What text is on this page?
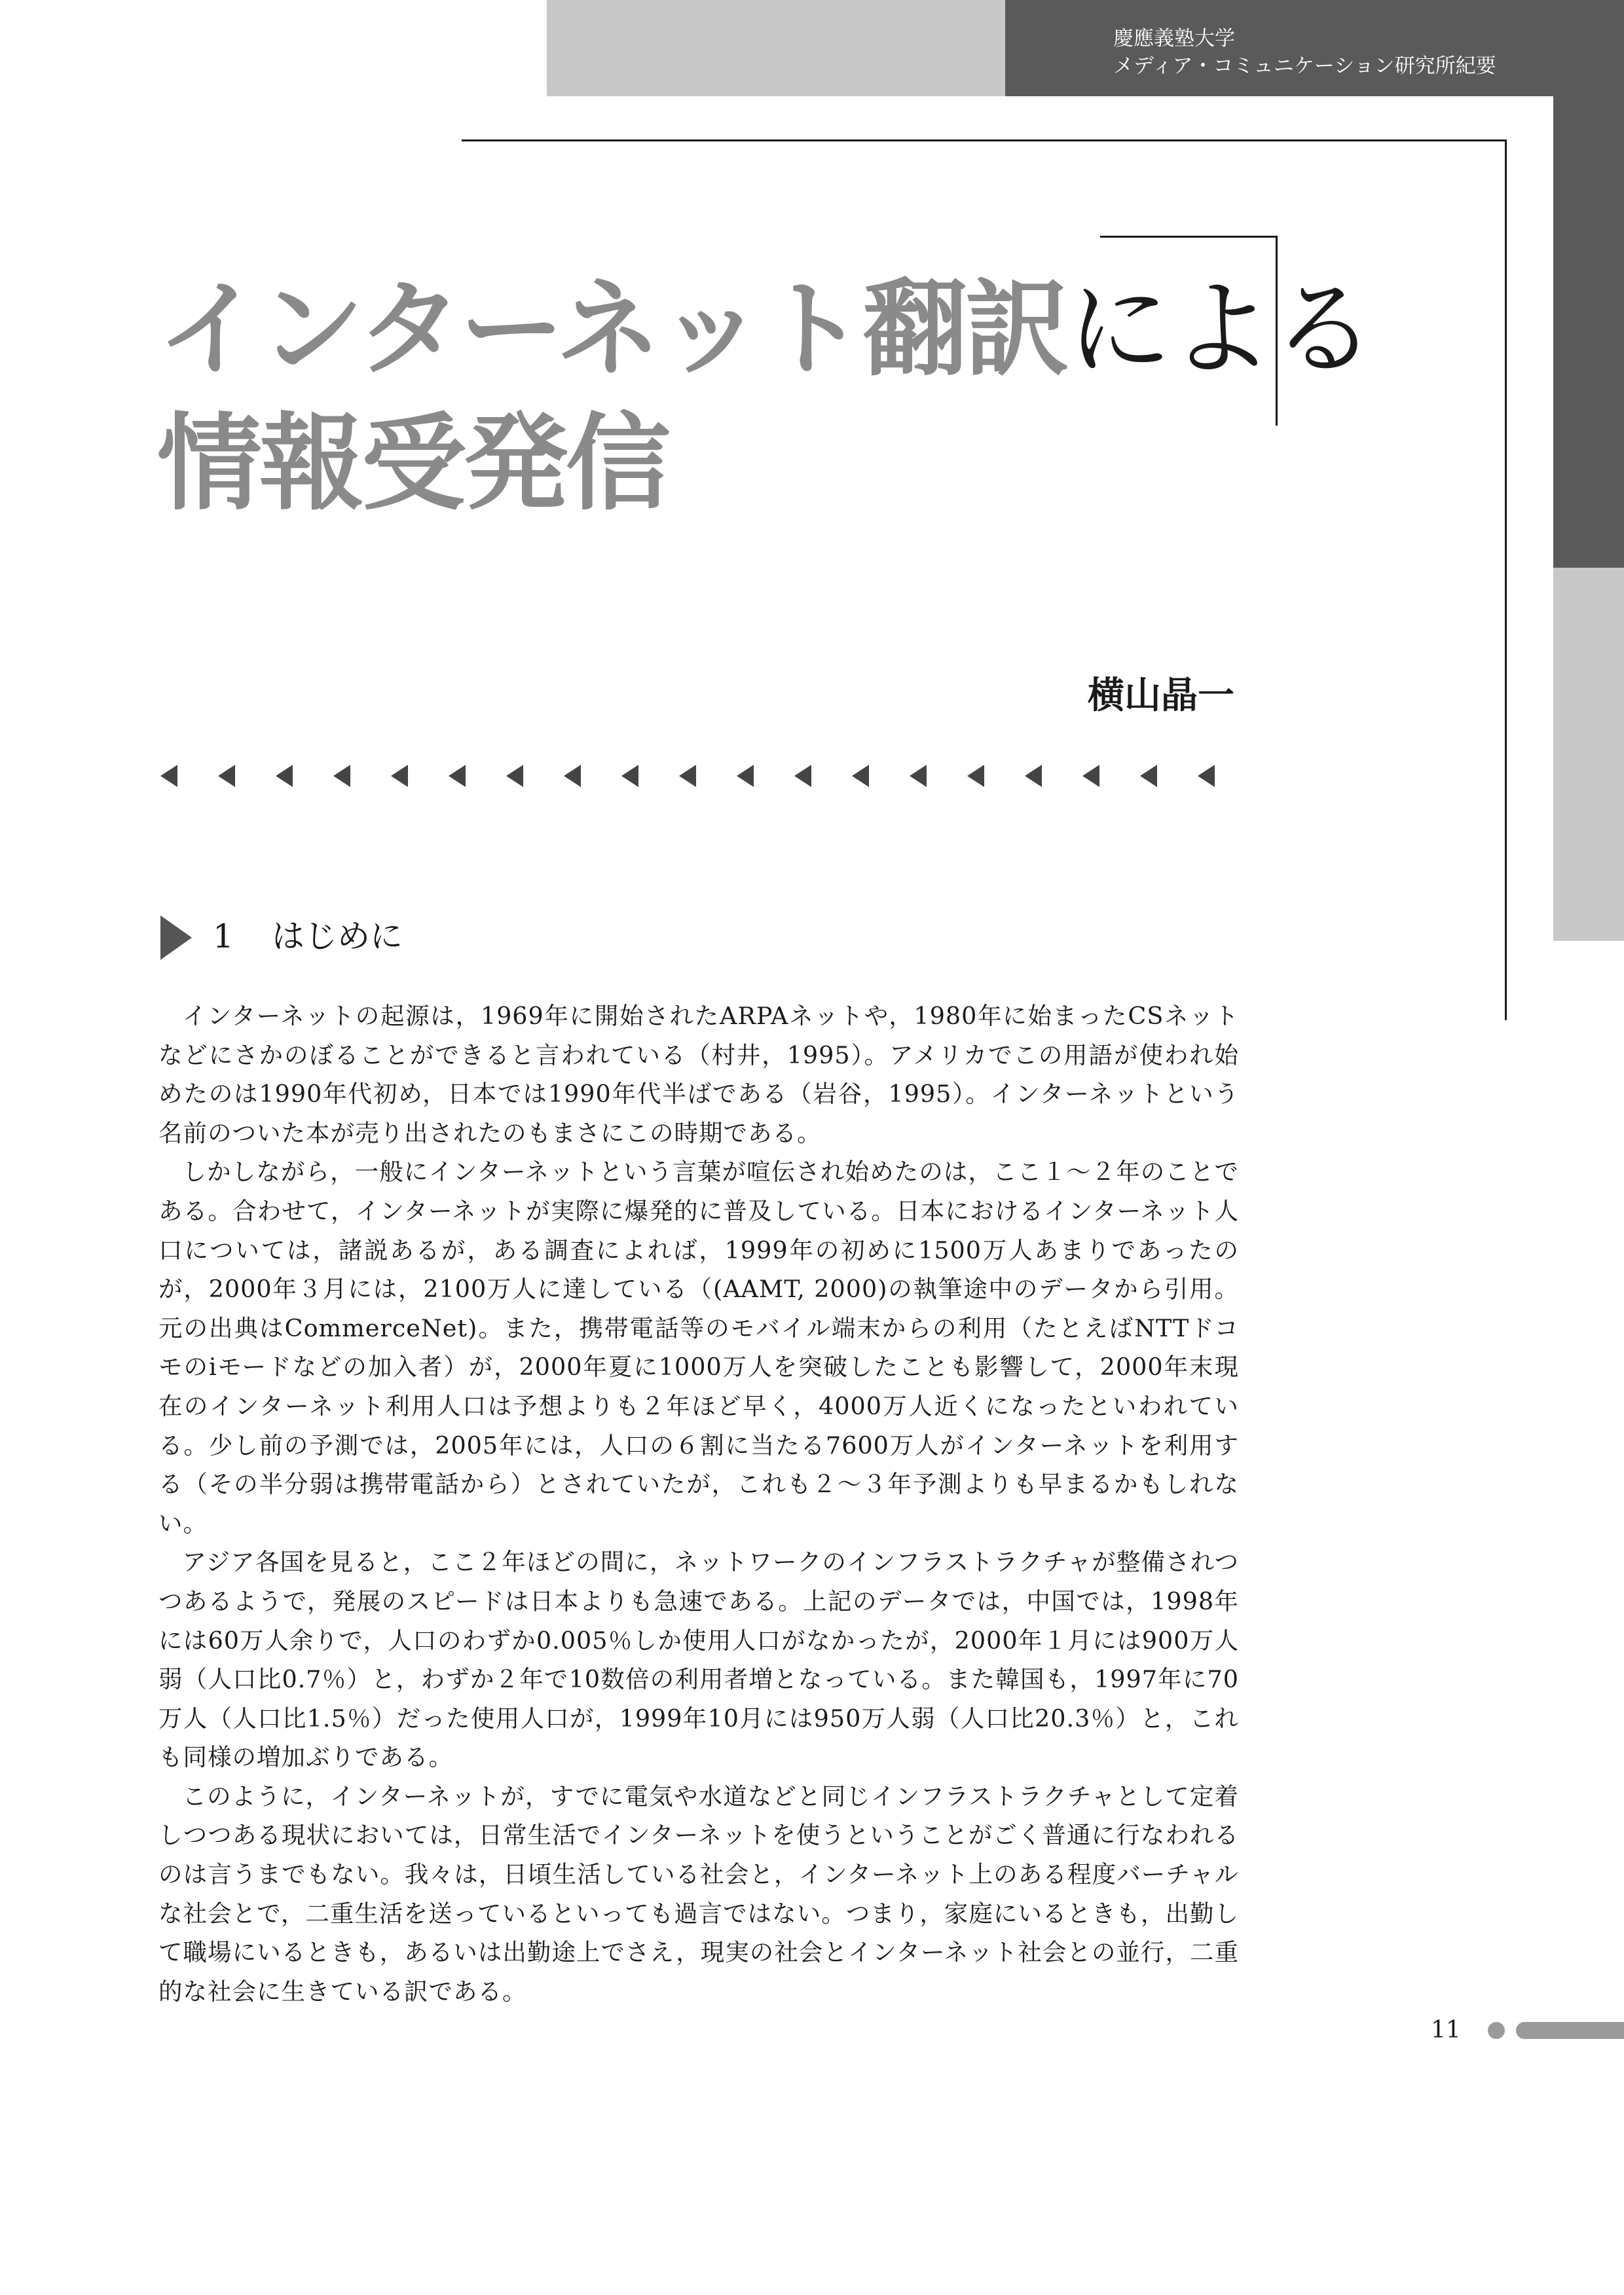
慶應義塾大学
メディア・コミュニケーション研究所紀要
インターネット翻訳による
情報受発信
横山晶一
1 はじめに

インターネットの起源は，1969年に開始されたARPAネットや，1980年に始まったCSネットなどにさかのぼることができると言われている（村井，1995）。アメリカでこの用語が使われ始めたのは1990年代初め，日本では1990年代半ばである（岩谷，1995）。インターネットという名前のついた本が売り出されたのもまさにこの時期である。

しかしながら，一般にインターネットという言葉が喧伝され始めたのは，ここ１～２年のことである。合わせて，インターネットが実際に爆発的に普及している。日本におけるインターネット人口については，諸説あるが，ある調査によれば，1999年の初めに1500万人あまりであったのが，2000年３月には，2100万人に達している（(AAMT, 2000)の執筆途中のデータから引用。元の出典はCommerceNet)。また，携帯電話等のモバイル端末からの利用（たとえばNTTドコモのiモードなどの加入者）が，2000年夏に1000万人を突破したことも影響して，2000年末現在のインターネット利用人口は予想よりも２年ほど早く，4000万人近くになったといわれている。少し前の予測では，2005年には，人口の６割に当たる7600万人がインターネットを利用する（その半分弱は携帯電話から）とされていたが，これも２～３年予測よりも早まるかもしれない。

アジア各国を見ると，ここ２年ほどの間に，ネットワークのインフラストラクチャが整備されつつあるようで，発展のスピードは日本よりも急速である。上記のデータでは，中国では，1998年には60万人余りで，人口のわずか0.005％しか使用人口がなかったが，2000年１月には900万人弱（人口比0.7％）と，わずか２年で10数倍の利用者増となっている。また韓国も，1997年に70万人（人口比1.5％）だった使用人口が，1999年10月には950万人弱（人口比20.3％）と，これも同様の増加ぶりである。

このように，インターネットが，すでに電気や水道などと同じインフラストラクチャとして定着しつつある現状においては，日常生活でインターネットを使うということがごく普通に行なわれるのは言うまでもない。我々は，日頃生活している社会と，インターネット上のある程度バーチャルな社会とで，二重生活を送っているといっても過言ではない。つまり，家庭にいるときも，出勤して職場にいるときも，あるいは出勤途上でさえ，現実の社会とインターネット社会との並行，二重的な社会に生きている訳である。

11
